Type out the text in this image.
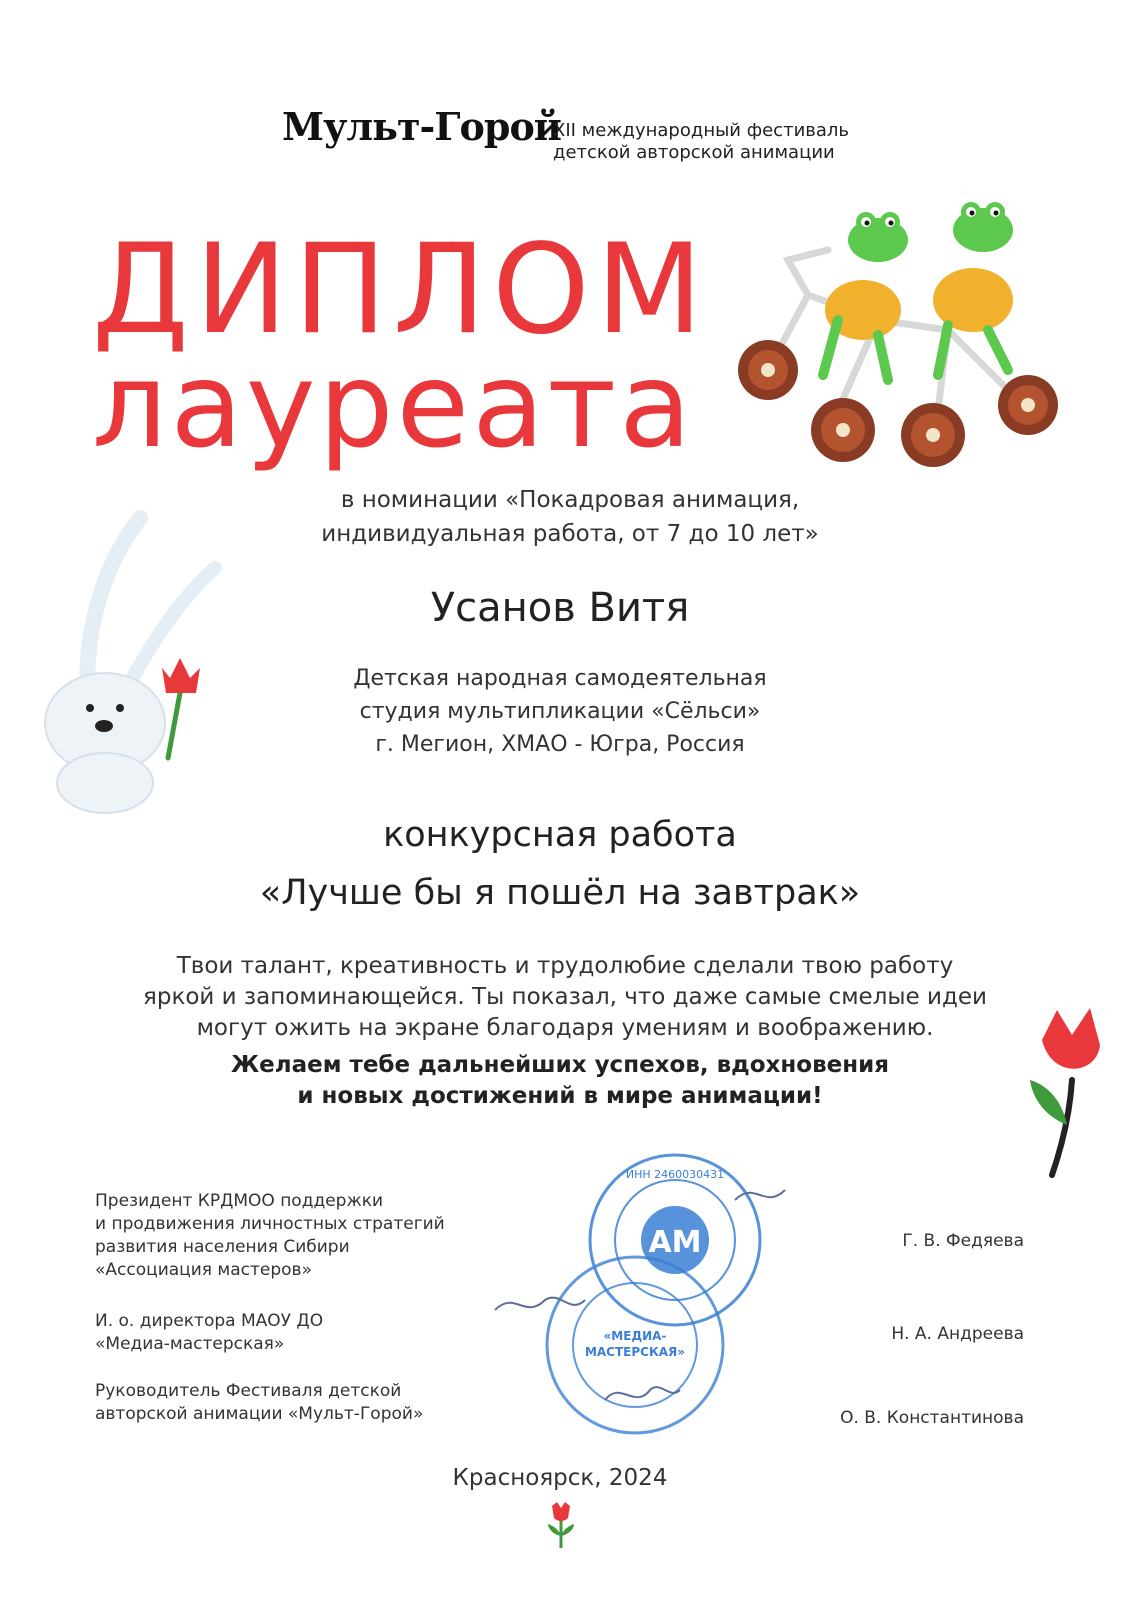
Мульт-Горой
XII международный фестиваль
детской авторской анимации
ДИПЛОМ
лауреата
в номинации «Покадровая анимация,
индивидуальная работа, от 7 до 10 лет»
Усанов Витя
Детская народная самодеятельная
студия мультипликации «Сёльси»
г. Мегион, ХМАО - Югра, Россия
конкурсная работа
«Лучше бы я пошёл на завтрак»
Твои талант, креативность и трудолюбие сделали твою работу
яркой и запоминающейся. Ты показал, что даже самые смелые идеи
могут ожить на экране благодаря умениям и воображению.
Желаем тебе дальнейших успехов, вдохновения
и новых достижений в мире анимации!
Президент КРДМОО поддержки
и продвижения личностных стратегий
развития населения Сибири
«Ассоциация мастеров»
И. о. директора МАОУ ДО
«Медиа-мастерская»
Руководитель Фестиваля детской
авторской анимации «Мульт-Горой»
Г. В. Федяева
Н. А. Андреева
О. В. Константинова
АМ
ИНН 2460030431
«МЕДИА-
МАСТЕРСКАЯ»
Красноярск, 2024
